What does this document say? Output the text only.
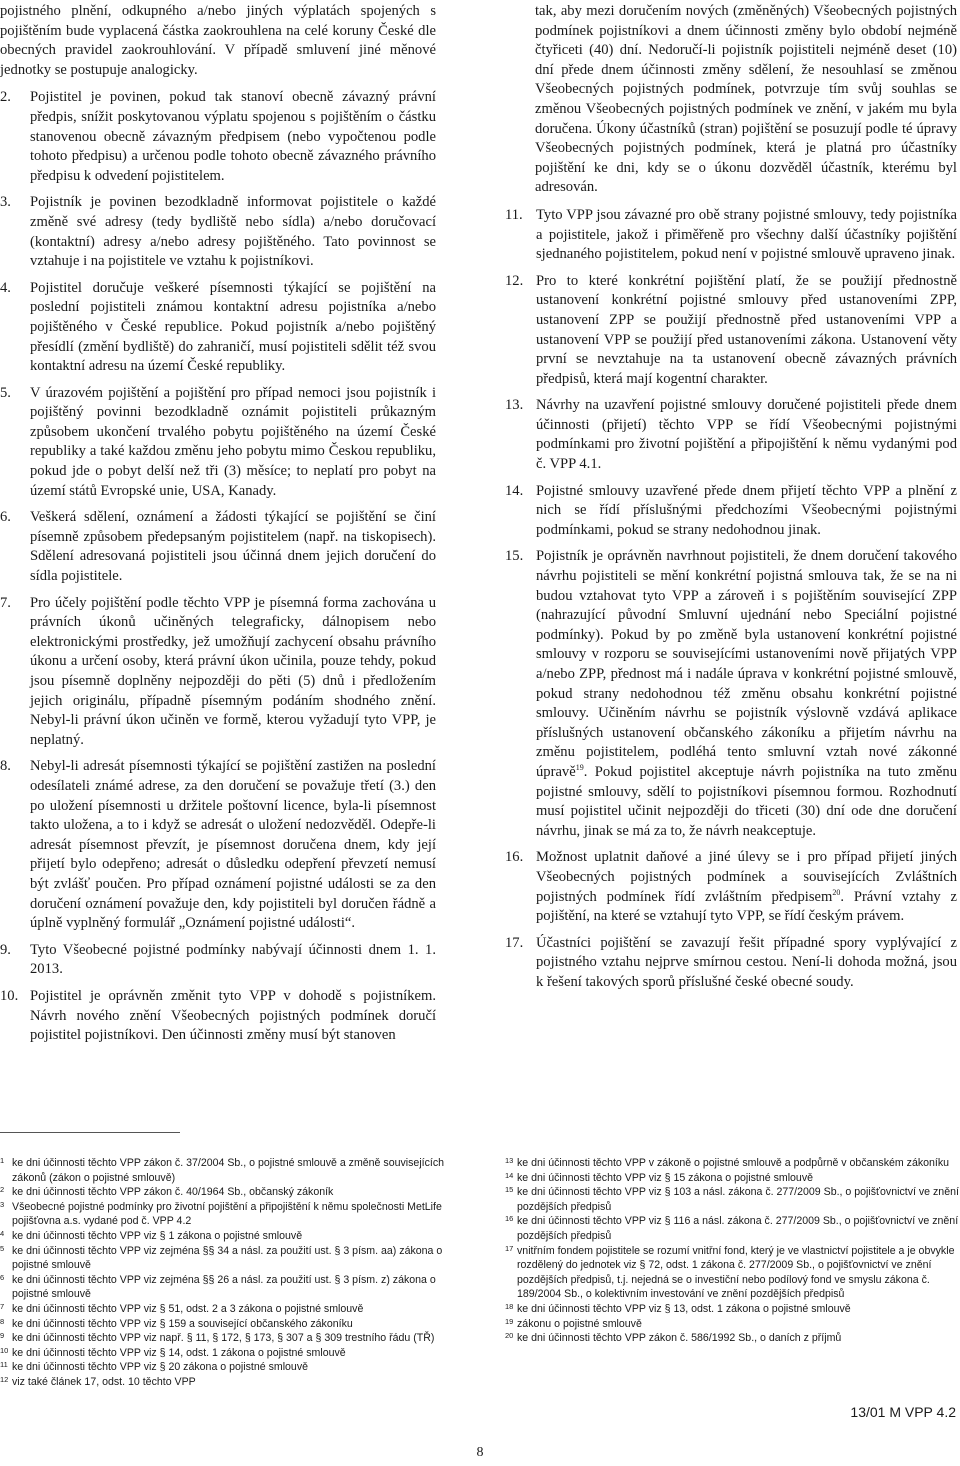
pojistného plnění, odkupného a/nebo jiných výplatách spojených s pojištěním bude vyplacená částka zaokrouhlena na celé koruny České dle obecných pravidel zaokrouhlování. V případě smluvení jiné měnové jednotky se postupuje analogicky.

2. Pojistitel je povinen, pokud tak stanoví obecně závazný právní předpis, snížit poskytovanou výplatu spojenou s pojištěním o částku stanovenou obecně závazným předpisem (nebo vypočtenou podle tohoto předpisu) a určenou podle tohoto obecně závazného právního předpisu k odvedení pojistitelem.
3. Pojistník je povinen bezodkladně informovat pojistitele o každé změně své adresy (tedy bydliště nebo sídla) a/nebo doručovací (kontaktní) adresy a/nebo adresy pojištěného. Tato povinnost se vztahuje i na pojistitele ve vztahu k pojistníkovi.
4. Pojistitel doručuje veškeré písemnosti týkající se pojištění na poslední pojistiteli známou kontaktní adresu pojistníka a/nebo pojištěného v České republice. Pokud pojistník a/nebo pojištěný přesídlí (změní bydliště) do zahraničí, musí pojistiteli sdělit též svou kontaktní adresu na území České republiky.
5. V úrazovém pojištění a pojištění pro případ nemoci jsou pojistník i pojištěný povinni bezodkladně oznámit pojistiteli průkazným způsobem ukončení trvalého pobytu pojištěného na území České republiky a také každou změnu jeho pobytu mimo Českou republiku, pokud jde o pobyt delší než tři (3) měsíce; to neplatí pro pobyt na území států Evropské unie, USA, Kanady.
6. Veškerá sdělení, oznámení a žádosti týkající se pojištění se činí písemně způsobem předepsaným pojistitelem (např. na tiskopisech). Sdělení adresovaná pojistiteli jsou účinná dnem jejich doručení do sídla pojistitele.
7. Pro účely pojištění podle těchto VPP je písemná forma zachována u právních úkonů učiněných telegraficky, dálnopisem nebo elektronickými prostředky, jež umožňují zachycení obsahu právního úkonu a určení osoby, která právní úkon učinila, pouze tehdy, pokud jsou písemně doplněny nejpozději do pěti (5) dnů i předložením jejich originálu, případně písemným podáním shodného znění. Nebyl-li právní úkon učiněn ve formě, kterou vyžadují tyto VPP, je neplatný.
8. Nebyl-li adresát písemnosti týkající se pojištění zastižen na poslední odesílateli známé adrese, za den doručení se považuje třetí (3.) den po uložení písemnosti u držitele poštovní licence, byla-li písemnost takto uložena, a to i když se adresát o uložení nedozvěděl. Odepře-li adresát písemnost převzít, je písemnost doručena dnem, kdy její přijetí bylo odepřeno; adresát o důsledku odepření převzetí nemusí být zvlášť poučen. Pro případ oznámení pojistné události se za den doručení oznámení považuje den, kdy pojistiteli byl doručen řádně a úplně vyplněný formulář „Oznámení pojistné události“.
9. Tyto Všeobecné pojistné podmínky nabývají účinnosti dnem 1. 1. 2013.
10. Pojistitel je oprávněn změnit tyto VPP v dohodě s pojistníkem. Návrh nového znění Všeobecných pojistných podmínek doručí pojistitel pojistníkovi. Den účinnosti změny musí být stanoven

tak, aby mezi doručením nových (změněných) Všeobecných pojistných podmínek pojistníkovi a dnem účinnosti změny bylo období nejméně čtyřiceti (40) dní. Nedoručí-li pojistník pojistiteli nejméně deset (10) dní přede dnem účinnosti změny sdělení, že nesouhlasí se změnou Všeobecných pojistných podmínek, potvrzuje tím svůj souhlas se změnou Všeobecných pojistných podmínek ve znění, v jakém mu byla doručena. Úkony účastníků (stran) pojištění se posuzují podle té úpravy Všeobecných pojistných podmínek, která je platná pro účastníky pojištění ke dni, kdy se o úkonu dozvěděl účastník, kterému byl adresován.

11. Tyto VPP jsou závazné pro obě strany pojistné smlouvy, tedy pojistníka a pojistitele, jakož i přiměřeně pro všechny další účastníky pojištění sjednaného pojistitelem, pokud není v pojistné smlouvě upraveno jinak.
12. Pro to které konkrétní pojištění platí, že se použijí přednostně ustanovení konkrétní pojistné smlouvy před ustanoveními ZPP, ustanovení ZPP se použijí přednostně před ustanoveními VPP a ustanovení VPP se použijí před ustanoveními zákona. Ustanovení věty první se nevztahuje na ta ustanovení obecně závazných právních předpisů, která mají kogentní charakter.
13. Návrhy na uzavření pojistné smlouvy doručené pojistiteli přede dnem účinnosti (přijetí) těchto VPP se řídí Všeobecnými pojistnými podmínkami pro životní pojištění a připojištění k němu vydanými pod č. VPP 4.1.
14. Pojistné smlouvy uzavřené přede dnem přijetí těchto VPP a plnění z nich se řídí příslušnými předchozími Všeobecnými pojistnými podmínkami, pokud se strany nedohodnou jinak.
15. Pojistník je oprávněn navrhnout pojistiteli, že dnem doručení takového návrhu pojistiteli se mění konkrétní pojistná smlouva tak, že se na ni budou vztahovat tyto VPP a zároveň i s pojištěním související ZPP (nahrazující původní Smluvní ujednání nebo Speciální pojistné podmínky). Pokud by po změně byla ustanovení konkrétní pojistné smlouvy v rozporu se souvisejícími ustanoveními nově přijatých VPP a/nebo ZPP, přednost má i nadále úprava v konkrétní pojistné smlouvě, pokud strany nedohodnou též změnu obsahu konkrétní pojistné smlouvy. Učiněním návrhu se pojistník výslovně vzdává aplikace příslušných ustanovení občanského zákoníku a přijetím návrhu na změnu pojistitelem, podléhá tento smluvní vztah nové zákonné úpravě$^{19}$. Pokud pojistitel akceptuje návrh pojistníka na tuto změnu pojistné smlouvy, sdělí to pojistníkovi písemnou formou. Rozhodnutí musí pojistitel učinit nejpozději do třiceti (30) dní ode dne doručení návrhu, jinak se má za to, že návrh neakceptuje.
16. Možnost uplatnit daňové a jiné úlevy se i pro případ přijetí jiných Všeobecných pojistných podmínek a souvisejících Zvláštních pojistných podmínek řídí zvláštním předpisem$^{20}$. Právní vztahy z pojištění, na které se vztahují tyto VPP, se řídí českým právem.
17. Účastníci pojištění se zavazují řešit případné spory vyplývající z pojistného vztahu nejprve smírnou cestou. Není-li dohoda možná, jsou k řešení takových sporů příslušné české obecné soudy.

1 ke dni účinnosti těchto VPP zákon č. 37/2004 Sb., o pojistné smlouvě a změně souvisejících zákonů (zákon o pojistné smlouvě)

2 ke dni účinnosti těchto VPP zákon č. 40/1964 Sb., občanský zákoník

3 Všeobecné pojistné podmínky pro životní pojištění a připojištění k němu společnosti MetLife pojišťovna a.s. vydané pod č. VPP 4.2

4 ke dni účinnosti těchto VPP viz § 1 zákona o pojistné smlouvě

5 ke dni účinnosti těchto VPP viz zejména §§ 34 a násl. za použití ust. § 3 písm. aa) zákona o pojistné smlouvě

6 ke dni účinnosti těchto VPP viz zejména §§ 26 a násl. za použití ust. § 3 písm. z) zákona o pojistné smlouvě

7 ke dni účinnosti těchto VPP viz § 51, odst. 2 a 3 zákona o pojistné smlouvě

8 ke dni účinnosti těchto VPP viz § 159 a související občanského zákoníku

9 ke dni účinnosti těchto VPP viz např. § 11, § 172, § 173, § 307 a § 309 trestního řádu (TŘ)

10 ke dni účinnosti těchto VPP viz § 14, odst. 1 zákona o pojistné smlouvě

11 ke dni účinnosti těchto VPP viz § 20 zákona o pojistné smlouvě

12 viz také článek 17, odst. 10 těchto VPP

13 ke dni účinnosti těchto VPP v zákoně o pojistné smlouvě a podpůrně v občanském zákoníku

14 ke dni účinnosti těchto VPP viz § 15 zákona o pojistné smlouvě

15 ke dni účinnosti těchto VPP viz § 103 a násl. zákona č. 277/2009 Sb., o pojišťovnictví ve znění pozdějších předpisů

16 ke dni účinnosti těchto VPP viz § 116 a násl. zákona č. 277/2009 Sb., o pojišťovnictví ve znění pozdějších předpisů

17 vnitřním fondem pojistitele se rozumí vnitřní fond, který je ve vlastnictví pojistitele a je obvykle rozdělený do jednotek viz § 72, odst. 1 zákona č. 277/2009 Sb., o pojišťovnictví ve znění pozdějších předpisů, t.j. nejedná se o investiční nebo podílový fond ve smyslu zákona č. 189/2004 Sb., o kolektivním investování ve znění pozdějších předpisů

18 ke dni účinnosti těchto VPP viz § 13, odst. 1 zákona o pojistné smlouvě

19 zákonu o pojistné smlouvě

20 ke dni účinnosti těchto VPP zákon č. 586/1992 Sb., o daních z příjmů

13/01 M VPP 4.2
8
